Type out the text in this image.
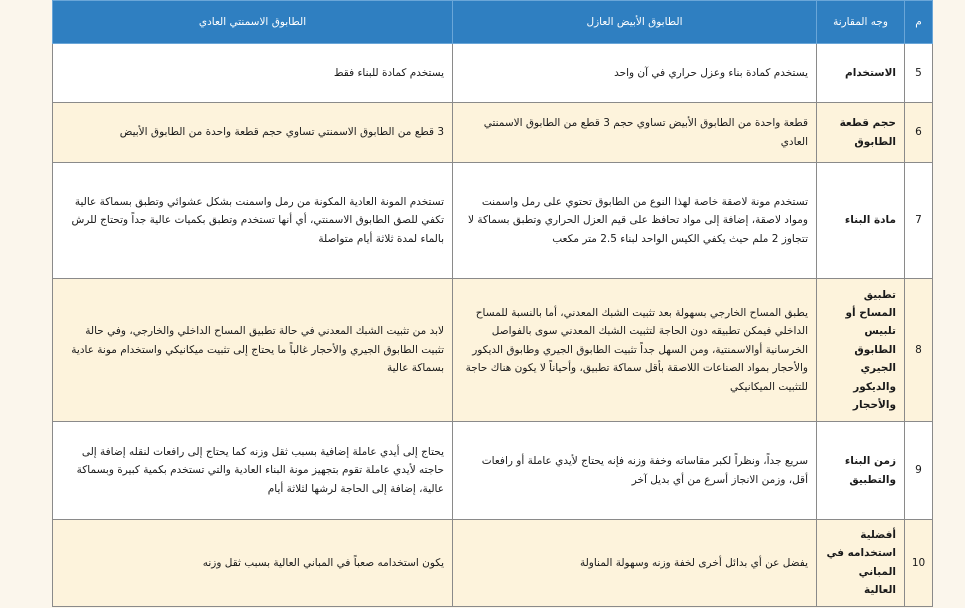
م	وجه المقارنة	الطابوق الأبيض العازل	الطابوق الاسمنتي العادي
5	الاستخدام	يستخدم كمادة بناء وعزل حراري في آن واحد	يستخدم كمادة للبناء فقط
6	حجم قطعة الطابوق	قطعة واحدة من الطابوق الأبيض تساوي حجم 3 قطع من الطابوق الاسمنتي العادي	3 قطع من الطابوق الاسمنتي تساوي حجم قطعة واحدة من الطابوق الأبيض
7	مادة البناء	تستخدم مونة لاصقة خاصة لهذا النوع من الطابوق تحتوي على رمل واسمنت ومواد لاصقة، إضافة إلى مواد تحافظ على قيم العزل الحراري وتطبق بسماكة لا تتجاوز 2 ملم حيث يكفي الكيس الواحد لبناء 2.5 متر مكعب	تستخدم المونة العادية المكونة من رمل واسمنت بشكل عشوائي وتطبق بسماكة عالية تكفي للصق الطابوق الاسمنتي، أي أنها تستخدم وتطبق بكميات عالية جداً وتحتاج للرش بالماء لمدة ثلاثة أيام متواصلة
8	تطبيق المساح أو تلبيس الطابوق الجيري والديكور والأحجار	يطبق المساح الخارجي بسهولة بعد تثبيت الشبك المعدني، أما بالنسبة للمساح الداخلي فيمكن تطبيقه دون الحاجة لتثبيت الشبك المعدني سوى بالفواصل الخرسانية أوالاسمنتية، ومن السهل جداً تثبيت الطابوق الجيري وطابوق الديكور والأحجار بمواد الصناعات اللاصقة بأقل سماكة تطبيق، وأحياناً لا يكون هناك حاجة للتثبيت الميكانيكي	لابد من تثبيت الشبك المعدني في حالة تطبيق المساح الداخلي والخارجي، وفي حالة تثبيت الطابوق الجيري والأحجار غالباً ما يحتاج إلى تثبيت ميكانيكي واستخدام مونة عادية بسماكة عالية
9	زمن البناء والتطبيق	سريع جداً، ونظراً لكبر مقاساته وخفة وزنه فإنه يحتاج لأيدي عاملة أو رافعات أقل، وزمن الانجاز أسرع من أي بديل آخر	يحتاج إلى أيدي عاملة إضافية بسبب ثقل وزنه كما يحتاج إلى رافعات لنقله إضافة إلى حاجته لأيدي عاملة تقوم بتجهيز مونة البناء العادية والتي تستخدم بكمية كبيرة وبسماكة عالية، إضافة إلى الحاجة لرشها لثلاثة أيام
10	أفضلية استخدامه في المباني العالية	يفضل عن أي بدائل أخرى لخفة وزنه وسهولة المناولة	يكون استخدامه صعباً في المباني العالية بسبب ثقل وزنه
